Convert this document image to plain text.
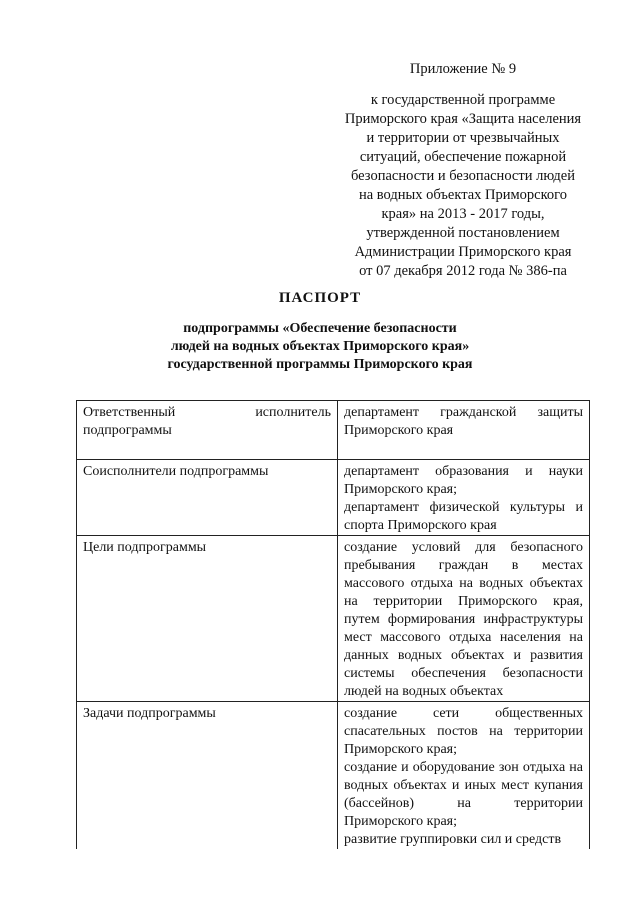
Приложение № 9
к государственной программе
Приморского края «Защита населения
и территории от чрезвычайных
ситуаций, обеспечение пожарной
безопасности и безопасности людей
на водных объектах Приморского
края» на 2013 - 2017 годы,
утвержденной постановлением
Администрации Приморского края
от 07 декабря 2012 года № 386-па
ПАСПОРТ
подпрограммы «Обеспечение безопасности
людей на водных объектах Приморского края»
государственной программы Приморского края
Ответственный исполнитель
подпрограммы	департамент гражданской защиты Приморского края

Соисполнители подпрограммы	департамент образования и науки Приморского края;
департамент физической культуры и спорта Приморского края

Цели подпрограммы	создание условий для безопасного пребывания граждан в местах массового отдыха на водных объектах на территории Приморского края, путем формирования инфраструктуры мест массового отдыха населения на данных водных объектах и развития системы обеспечения безопасности людей на водных объектах

Задачи подпрограммы	создание сети общественных спасательных постов на территории Приморского края;
создание и оборудование зон отдыха на водных объектах и иных мест купания (бассейнов) на территории Приморского края;
развитие группировки сил и средств
